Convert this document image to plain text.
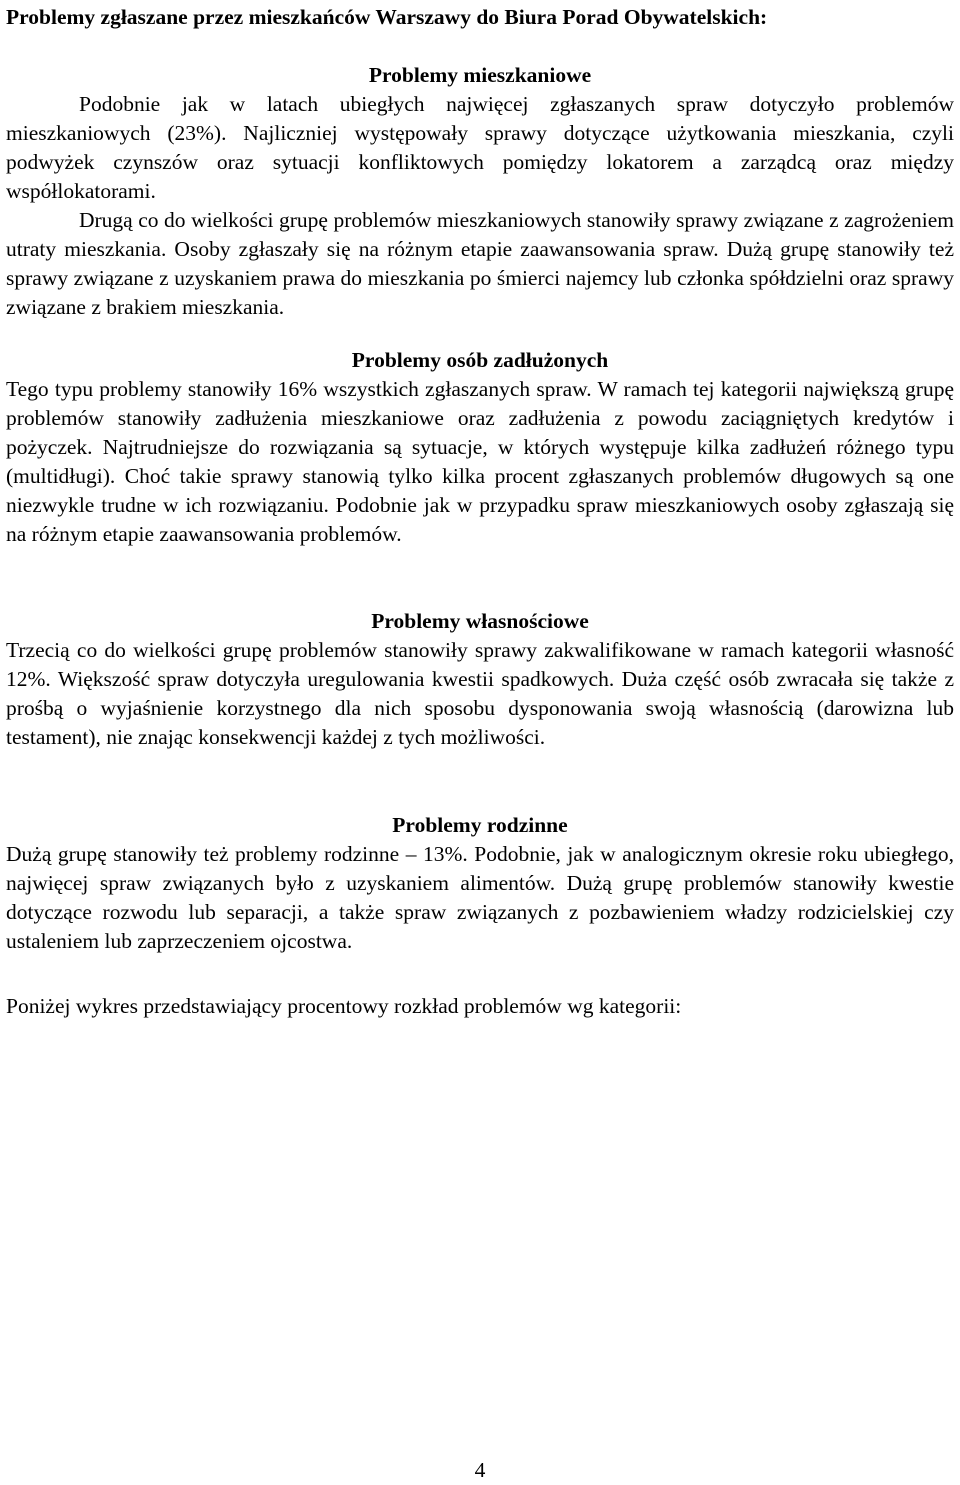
Problemy zgłaszane przez mieszkańców Warszawy do Biura Porad Obywatelskich:
Problemy mieszkaniowe

Podobnie jak w latach ubiegłych najwięcej zgłaszanych spraw dotyczyło problemów mieszkaniowych (23%). Najliczniej występowały sprawy dotyczące użytkowania mieszkania, czyli podwyżek czynszów oraz sytuacji konfliktowych pomiędzy lokatorem a zarządcą oraz między współlokatorami.

Drugą co do wielkości grupę problemów mieszkaniowych stanowiły sprawy związane z zagrożeniem utraty mieszkania. Osoby zgłaszały się na różnym etapie zaawansowania spraw. Dużą grupę stanowiły też sprawy związane z uzyskaniem prawa do mieszkania po śmierci najemcy lub członka spółdzielni oraz sprawy związane z brakiem mieszkania.

Problemy osób zadłużonych

Tego typu problemy stanowiły 16% wszystkich zgłaszanych spraw. W ramach tej kategorii największą grupę problemów stanowiły zadłużenia mieszkaniowe oraz zadłużenia z powodu zaciągniętych kredytów i pożyczek. Najtrudniejsze do rozwiązania są sytuacje, w których występuje kilka zadłużeń różnego typu (multidługi). Choć takie sprawy stanowią tylko kilka procent zgłaszanych problemów długowych są one niezwykle trudne w ich rozwiązaniu. Podobnie jak w przypadku spraw mieszkaniowych osoby zgłaszają się na różnym etapie zaawansowania problemów.

Problemy własnościowe

Trzecią co do wielkości grupę problemów stanowiły sprawy zakwalifikowane w ramach kategorii własność 12%. Większość spraw dotyczyła uregulowania kwestii spadkowych. Duża część osób zwracała się także z prośbą o wyjaśnienie korzystnego dla nich sposobu dysponowania swoją własnością (darowizna lub testament), nie znając konsekwencji każdej z tych możliwości.

Problemy rodzinne

Dużą grupę stanowiły też problemy rodzinne – 13%. Podobnie, jak w analogicznym okresie roku ubiegłego, najwięcej spraw związanych było z uzyskaniem alimentów. Dużą grupę problemów stanowiły kwestie dotyczące rozwodu lub separacji, a także spraw związanych z pozbawieniem władzy rodzicielskiej czy ustaleniem lub zaprzeczeniem ojcostwa.

Poniżej wykres przedstawiający procentowy rozkład problemów wg kategorii:

4
